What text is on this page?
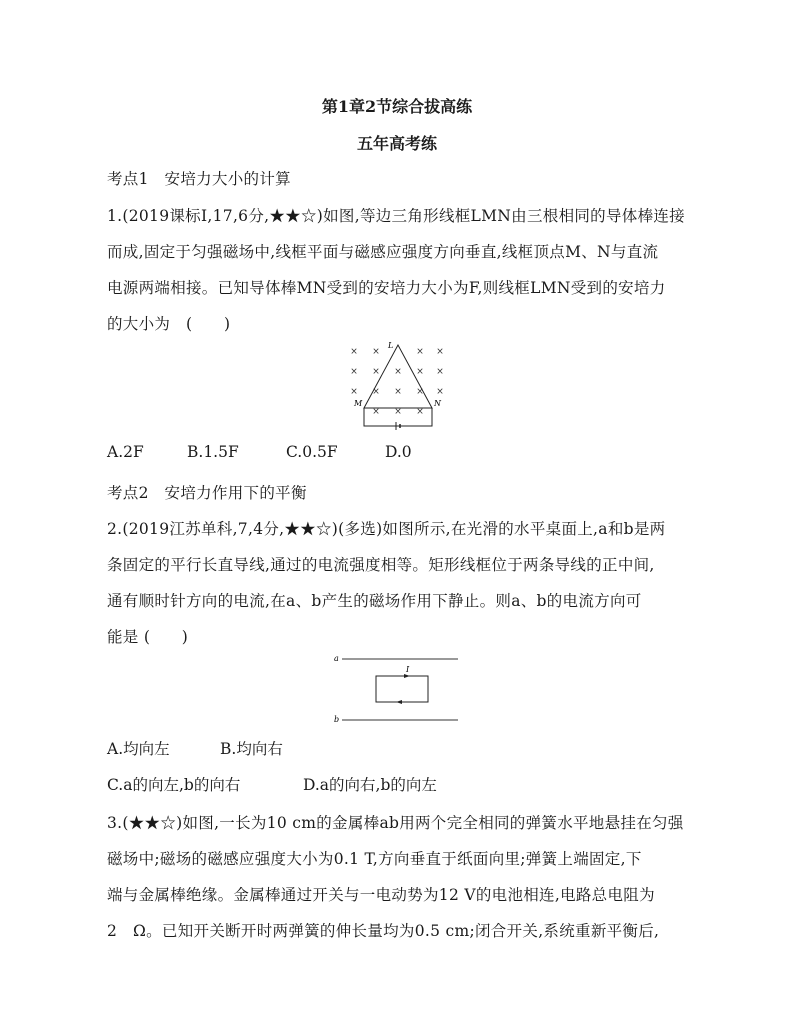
第1章2节综合拔高练
五年高考练
考点1　安培力大小的计算
1.(2019课标Ⅰ,17,6分,★★☆)如图,等边三角形线框LMN由三根相同的导体棒连接
而成,固定于匀强磁场中,线框平面与磁感应强度方向垂直,线框顶点M、N与直流
电源两端相接。已知导体棒MN受到的安培力大小为F,则线框LMN受到的安培力
的大小为　(　　)
× ×	× ×
× × × × ×
× × × × ×
× × ×
L
M	N
A.2F	B.1.5F	C.0.5F	D.0
考点2　安培力作用下的平衡
2.(2019江苏单科,7,4分,★★☆)(多选)如图所示,在光滑的水平桌面上,a和b是两
条固定的平行长直导线,通过的电流强度相等。矩形线框位于两条导线的正中间,
通有顺时针方向的电流,在a、b产生的磁场作用下静止。则a、b的电流方向可
能是 (　　)
a
b
I
A.均向左	B.均向右
C.a的向左,b的向右	D.a的向右,b的向左
3.(★★☆)如图,一长为10 cm的金属棒ab用两个完全相同的弹簧水平地悬挂在匀强
磁场中;磁场的磁感应强度大小为0.1 T,方向垂直于纸面向里;弹簧上端固定,下
端与金属棒绝缘。金属棒通过开关与一电动势为12 V的电池相连,电路总电阻为
2　Ω。已知开关断开时两弹簧的伸长量均为0.5 cm;闭合开关,系统重新平衡后,
